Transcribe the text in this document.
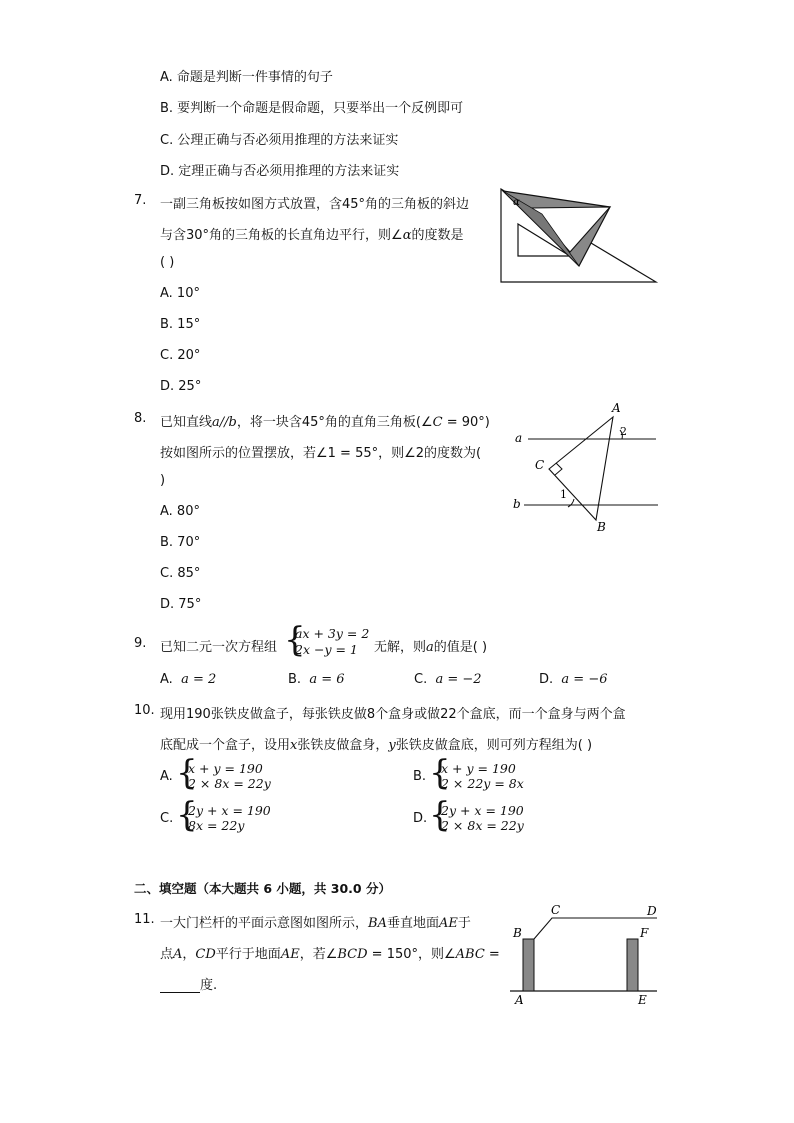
A. 命题是判断一件事情的句子
B. 要判断一个命题是假命题，只要举出一个反例即可
C. 公理正确与否必须用推理的方法来证实
D. 定理正确与否必须用推理的方法来证实
7. 一副三角板按如图方式放置，含45°角的三角板的斜边
与含30°角的三角板的长直角边平行，则∠α的度数是
( )
A. 10°
B. 15°
C. 20°
D. 25°
α
8. 已知直线a//b，将一块含45°角的直角三角板(∠C = 90°)
按如图所示的位置摆放，若∠1 = 55°，则∠2的度数为(
)
A. 80°
B. 70°
C. 85°
D. 75°
a
b
A
B
C
1
2
9. 已知二元一次方程组 {
ax + 3y = 2
2x −y = 1 无解，则a的值是( )
A. a = 2	B. a = 6	C. a = −2	D. a = −6
10. 现用190张铁皮做盒子，每张铁皮做8个盒身或做22个盒底，而一个盒身与两个盒
底配成一个盒子，设用x张铁皮做盒身，y张铁皮做盒底，则可列方程组为( )
A. {
x + y = 190
2 × 8x = 22y	B. {
x + y = 190
2 × 22y = 8x
C. {
2y + x = 190
8x = 22y	D. {
2y + x = 190
2 × 8x = 22y
二、填空题（本大题共 6 小题，共 30.0 分）
11. 一大门栏杆的平面示意图如图所示，BA垂直地面AE于
点A，CD平行于地面AE，若∠BCD = 150°，则∠ABC =
度.
A
B
C	D
E
F
